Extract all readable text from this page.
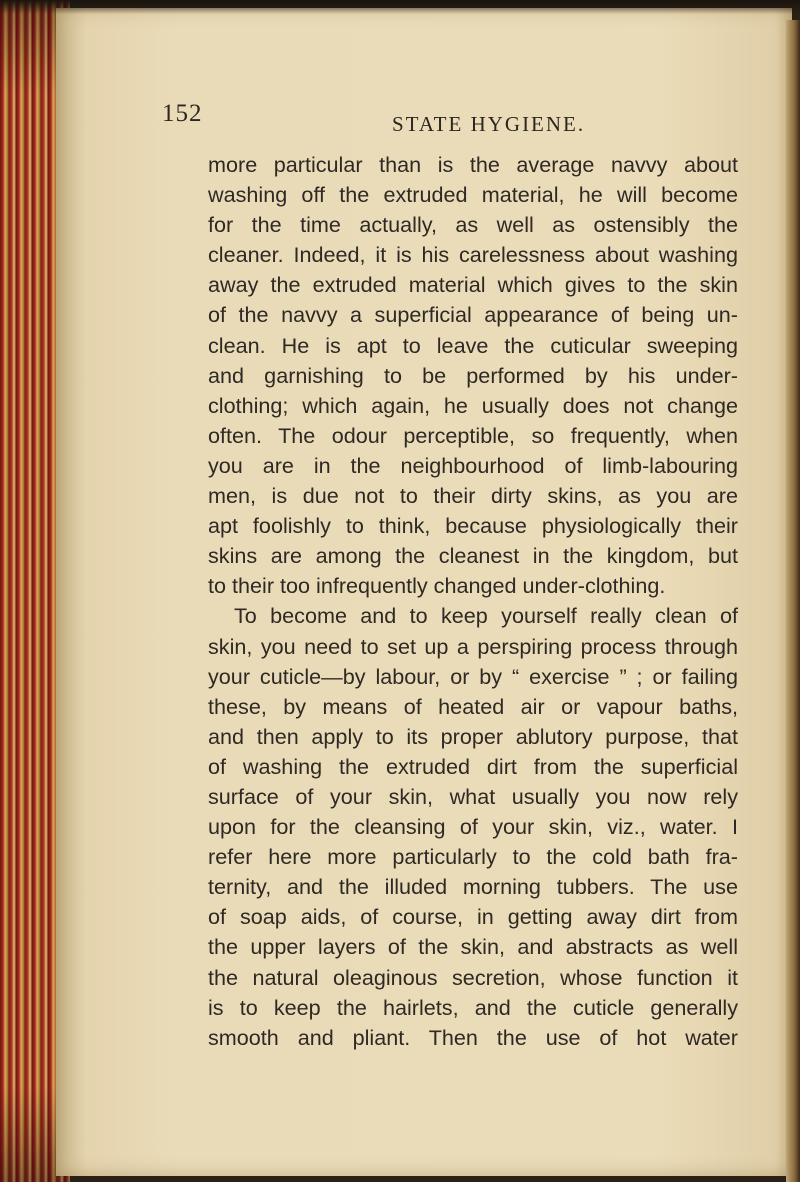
152	STATE HYGIENE.
more particular than is the average navvy about
washing off the extruded material, he will become
for the time actually, as well as ostensibly the
cleaner. Indeed, it is his carelessness about washing
away the extruded material which gives to the skin
of the navvy a superficial appearance of being un-
clean. He is apt to leave the cuticular sweeping
and garnishing to be performed by his under-
clothing; which again, he usually does not change
often. The odour perceptible, so frequently, when
you are in the neighbourhood of limb-labouring
men, is due not to their dirty skins, as you are
apt foolishly to think, because physiologically their
skins are among the cleanest in the kingdom, but
to their too infrequently changed under-clothing.
To become and to keep yourself really clean of
skin, you need to set up a perspiring process through
your cuticle—by labour, or by “ exercise ” ; or failing
these, by means of heated air or vapour baths,
and then apply to its proper ablutory purpose, that
of washing the extruded dirt from the superficial
surface of your skin, what usually you now rely
upon for the cleansing of your skin, viz., water. I
refer here more particularly to the cold bath fra-
ternity, and the illuded morning tubbers. The use
of soap aids, of course, in getting away dirt from
the upper layers of the skin, and abstracts as well
the natural oleaginous secretion, whose function it
is to keep the hairlets, and the cuticle generally
smooth and pliant. Then the use of hot water
